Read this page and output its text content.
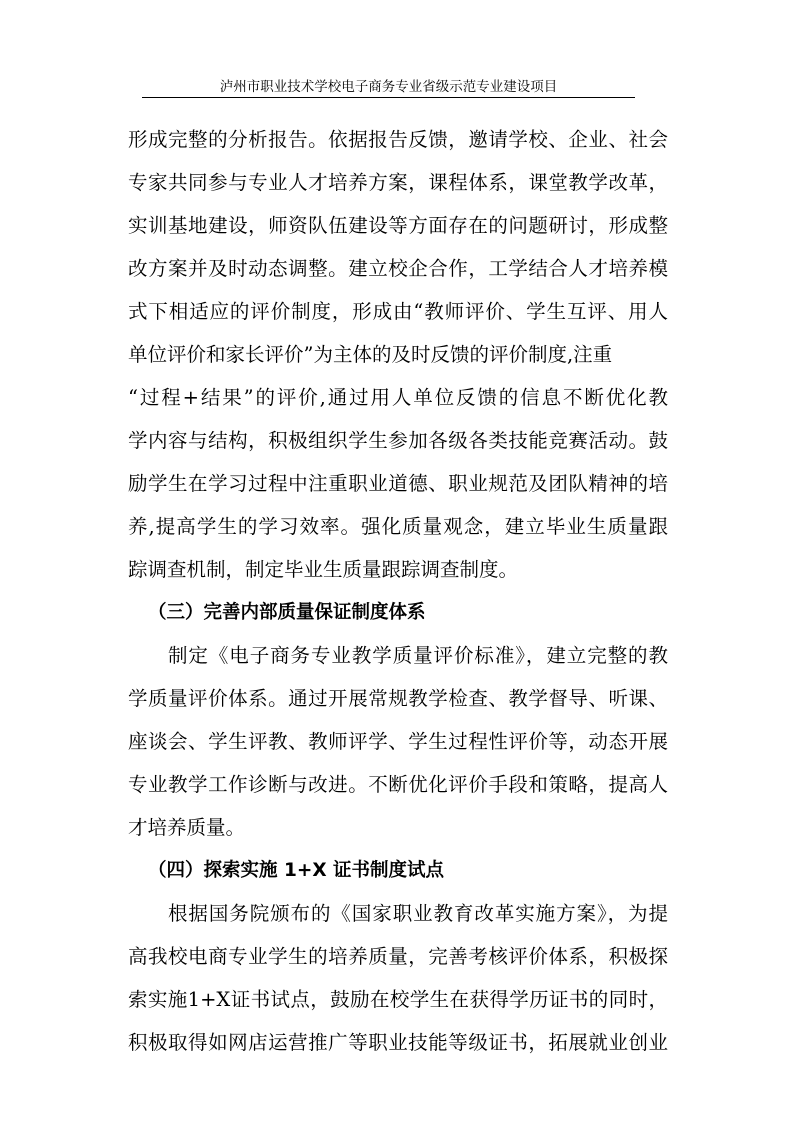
泸州市职业技术学校电子商务专业省级示范专业建设项目
形成完整的分析报告。依据报告反馈，邀请学校、企业、社会
专家共同参与专业人才培养方案，课程体系，课堂教学改革，
实训基地建设，师资队伍建设等方面存在的问题研讨，形成整
改方案并及时动态调整。建立校企合作，工学结合人才培养模
式下相适应的评价制度，形成由“教师评价、学生互评、用人
单位评价和家长评价”为主体的及时反馈的评价制度,注重
“过程+结果”的评价,通过用人单位反馈的信息不断优化教
学内容与结构，积极组织学生参加各级各类技能竞赛活动。鼓
励学生在学习过程中注重职业道德、职业规范及团队精神的培
养,提高学生的学习效率。强化质量观念，建立毕业生质量跟
踪调查机制，制定毕业生质量跟踪调查制度。
（三）完善内部质量保证制度体系
制定《电子商务专业教学质量评价标准》，建立完整的教
学质量评价体系。通过开展常规教学检查、教学督导、听课、
座谈会、学生评教、教师评学、学生过程性评价等，动态开展
专业教学工作诊断与改进。不断优化评价手段和策略，提高人
才培养质量。
（四）探索实施 1+X 证书制度试点
根据国务院颁布的《国家职业教育改革实施方案》，为提
高我校电商专业学生的培养质量，完善考核评价体系，积极探
索实施1+X证书试点，鼓励在校学生在获得学历证书的同时，
积极取得如网店运营推广等职业技能等级证书，拓展就业创业
